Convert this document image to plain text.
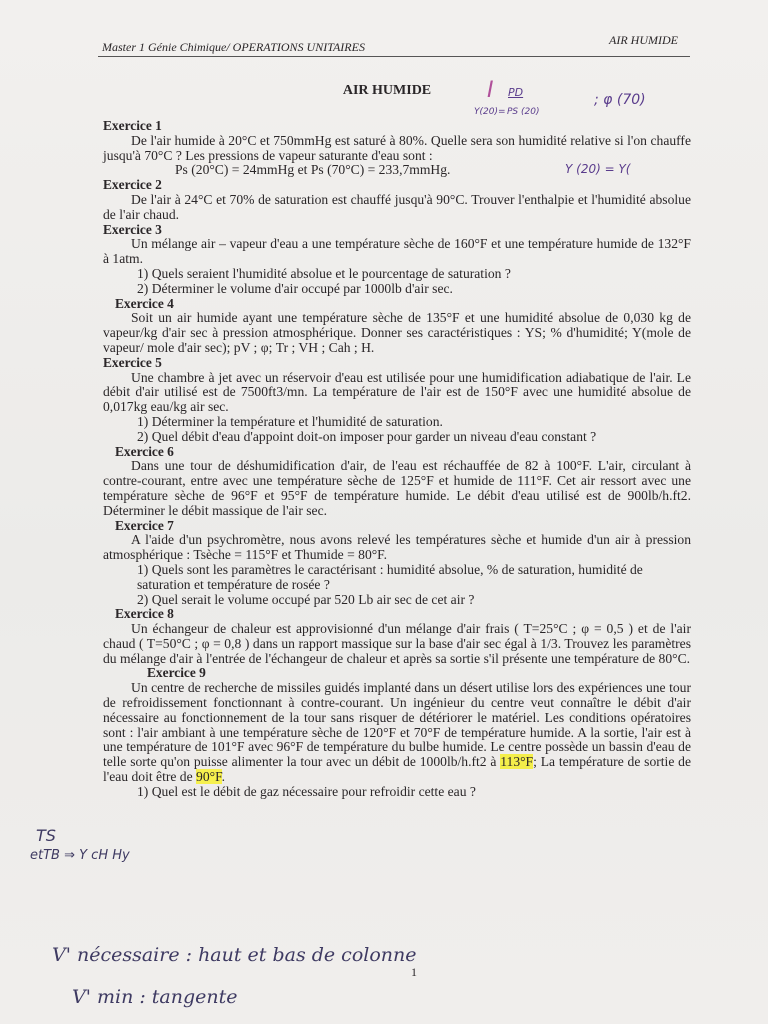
Master 1 Génie Chimique/ OPERATIONS UNITAIRES	AIR HUMIDE
AIR HUMIDE	I PD
PS (20)
Y(20)=
; φ (70)
Y (20) = Y(
Exercice 1
De l'air humide à 20°C et 750mmHg est saturé à 80%. Quelle sera son humidité relative si l'on chauffe jusqu'à 70°C ? Les pressions de vapeur saturante d'eau sont :
Ps (20°C) = 24mmHg et Ps (70°C) = 233,7mmHg.
Exercice 2
De l'air à 24°C et 70% de saturation est chauffé jusqu'à 90°C. Trouver l'enthalpie et l'humidité absolue de l'air chaud.
Exercice 3
Un mélange air – vapeur d'eau a une température sèche de 160°F et une température humide de 132°F à 1atm.
1) Quels seraient l'humidité absolue et le pourcentage de saturation ?
2) Déterminer le volume d'air occupé par 1000lb d'air sec.
Exercice 4
Soit un air humide ayant une température sèche de 135°F et une humidité absolue de 0,030 kg de vapeur/kg d'air sec à pression atmosphérique. Donner ses caractéristiques : YS; % d'humidité; Y(mole de vapeur/ mole d'air sec); pV ; φ; Tr ; VH ; Cah ; H.
Exercice 5
Une chambre à jet avec un réservoir d'eau est utilisée pour une humidification adiabatique de l'air. Le débit d'air utilisé est de 7500ft3/mn. La température de l'air est de 150°F avec une humidité absolue de 0,017kg eau/kg air sec.
1) Déterminer la température et l'humidité de saturation.
2) Quel débit d'eau d'appoint doit-on imposer pour garder un niveau d'eau constant ?
Exercice 6
Dans une tour de déshumidification d'air, de l'eau est réchauffée de 82 à 100°F. L'air, circulant à contre-courant, entre avec une température sèche de 125°F et humide de 111°F. Cet air ressort avec une température sèche de 96°F et 95°F de température humide. Le débit d'eau utilisé est de 900lb/h.ft2. Déterminer le débit massique de l'air sec.
Exercice 7
A l'aide d'un psychromètre, nous avons relevé les températures sèche et humide d'un air à pression atmosphérique : Tsèche = 115°F et Thumide = 80°F.
1) Quels sont les paramètres le caractérisant : humidité absolue, % de saturation, humidité de saturation et température de rosée ?
2) Quel serait le volume occupé par 520 Lb air sec de cet air ?
Exercice 8
Un échangeur de chaleur est approvisionné d'un mélange d'air frais ( T=25°C ; φ = 0,5 ) et de l'air chaud ( T=50°C ; φ = 0,8 ) dans un rapport massique sur la base d'air sec égal à 1/3. Trouvez les paramètres du mélange d'air à l'entrée de l'échangeur de chaleur et après sa sortie s'il présente une température de 80°C.
Exercice 9
Un centre de recherche de missiles guidés implanté dans un désert utilise lors des expériences une tour de refroidissement fonctionnant à contre-courant. Un ingénieur du centre veut connaître le débit d'air nécessaire au fonctionnement de la tour sans risquer de détériorer le matériel. Les conditions opératoires sont : l'air ambiant à une température sèche de 120°F et 70°F de température humide. A la sortie, l'air est à une température de 101°F avec 96°F de température du bulbe humide. Le centre possède un bassin d'eau de telle sorte qu'on puisse alimenter la tour avec un débit de 1000lb/h.ft2 à 113°F; La température de sortie de l'eau doit être de 90°F.
1) Quel est le débit de gaz nécessaire pour refroidir cette eau ?
TS
etTB ⇒ Y cH Hy
1
V' nécessaire : haut et bas de colonne
V' min : tangente
